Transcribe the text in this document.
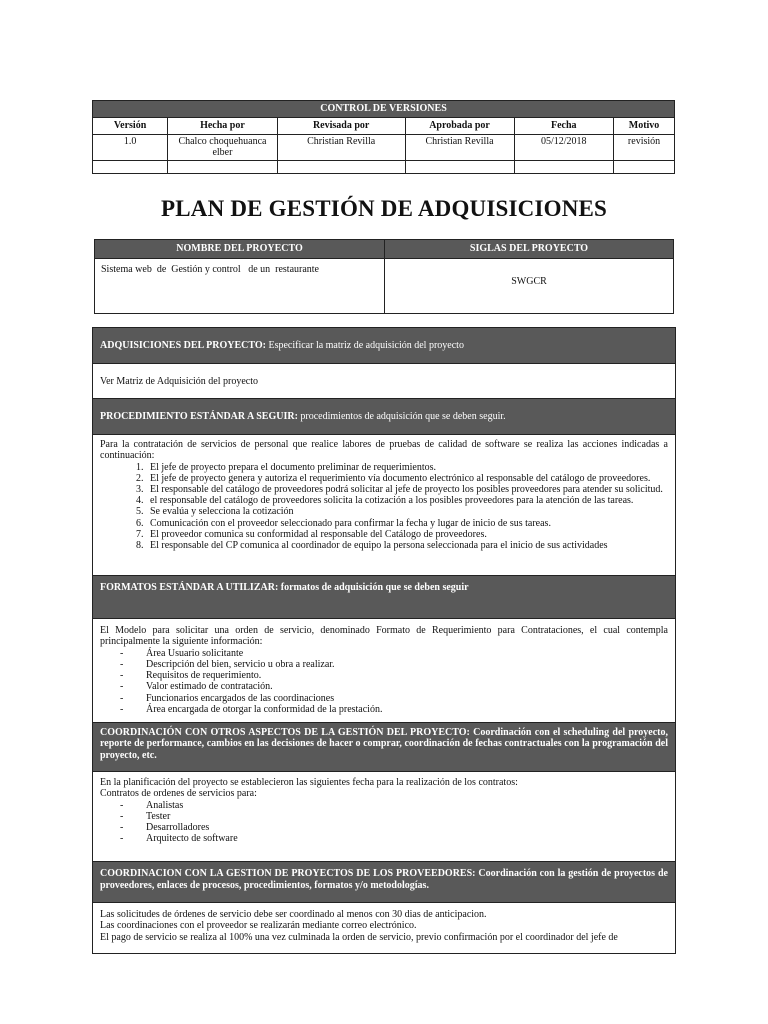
CONTROL DE VERSIONES					
Versión	Hecha por	Revisada por	Aprobada por	Fecha	Motivo
1.0	Chalco choquehuanca elber	Christian Revilla	Christian Revilla	05/12/2018	revisión

PLAN DE GESTIÓN DE ADQUISICIONES
NOMBRE DEL PROYECTO	SIGLAS DEL PROYECTO
Sistema web  de  Gestión y control   de un  restaurante	SWGCR
ADQUISICIONES DEL PROYECTO: Especificar la matriz de adquisición del proyecto
Ver Matriz de Adquisición del proyecto
PROCEDIMIENTO ESTÁNDAR A SEGUIR: procedimientos de adquisición que se deben seguir.

Para la contratación de servicios de personal que realice labores de pruebas de calidad de software se realiza las acciones indicadas a continuación:

1. El jefe de proyecto prepara el documento preliminar de requerimientos.
2. El jefe de proyecto genera y autoriza el requerimiento vía documento electrónico al responsable del catálogo de proveedores.
3. El responsable del catálogo de proveedores podrá solicitar al jefe de proyecto los posibles proveedores para atender su solicitud.
4. el responsable del catálogo de proveedores solicita la cotización a los posibles proveedores para la atención de las tareas.
5. Se evalúa y selecciona la cotización
6. Comunicación con el proveedor seleccionado para confirmar la fecha y lugar de inicio de sus tareas.
7. El proveedor comunica su conformidad al responsable del Catálogo de proveedores.
8. El responsable del CP comunica al coordinador de equipo la persona seleccionada para el inicio de sus actividades

FORMATOS ESTÁNDAR A UTILIZAR: formatos de adquisición que se deben seguir

El Modelo para solicitar una orden de servicio, denominado Formato de Requerimiento para Contrataciones, el cual contempla principalmente la siguiente información:

- Área Usuario solicitante
- Descripción del bien, servicio u obra a realizar.
- Requisitos de requerimiento.
- Valor estimado de contratación.
- Funcionarios encargados de las coordinaciones
- Área encargada de otorgar la conformidad de la prestación.

COORDINACIÓN CON OTROS ASPECTOS DE LA GESTIÓN DEL PROYECTO: Coordinación con el scheduling del proyecto, reporte de performance, cambios en las decisiones de hacer o comprar, coordinación de fechas contractuales con la programación del proyecto, etc.

En la planificación del proyecto se establecieron las siguientes fecha para la realización de los contratos:

Contratos de ordenes de servicios para:

- Analistas
- Tester
- Desarrolladores
- Arquitecto de software

COORDINACION CON LA GESTION DE PROYECTOS DE LOS PROVEEDORES: Coordinación con la gestión de proyectos de proveedores, enlaces de procesos, procedimientos, formatos y/o metodologías.

Las solicitudes de órdenes de servicio debe ser coordinado al menos con 30 dias de anticipacion.

Las coordinaciones con el proveedor se realizarán mediante correo electrónico.

El pago de servicio se realiza al 100% una vez culminada la orden de servicio, previo confirmación por el coordinador del jefe de
